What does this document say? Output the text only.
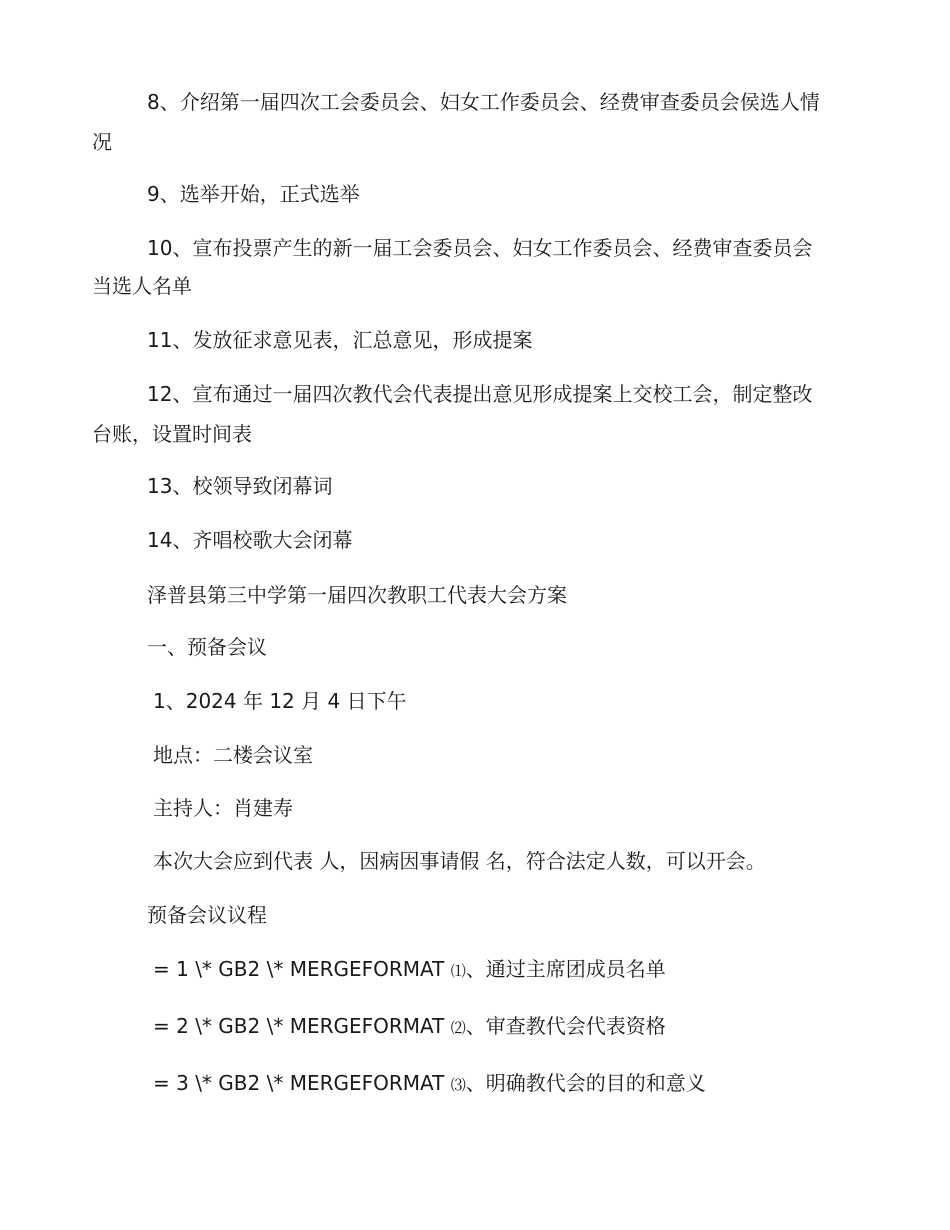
8、介绍第一届四次工会委员会、妇女工作委员会、经费审查委员会侯选人情
况
9、选举开始，正式选举
10、宣布投票产生的新一届工会委员会、妇女工作委员会、经费审查委员会
当选人名单
11、发放征求意见表，汇总意见，形成提案
12、宣布通过一届四次教代会代表提出意见形成提案上交校工会，制定整改
台账，设置时间表
13、校领导致闭幕词
14、齐唱校歌大会闭幕
泽普县第三中学第一届四次教职工代表大会方案
一、预备会议
1、2024 年 12 月 4 日下午
地点：二楼会议室
主持人：肖建寿
本次大会应到代表 人，因病因事请假 名，符合法定人数，可以开会。
预备会议议程
= 1 \* GB2 \* MERGEFORMAT ⑴、通过主席团成员名单
= 2 \* GB2 \* MERGEFORMAT ⑵、审查教代会代表资格
= 3 \* GB2 \* MERGEFORMAT ⑶、明确教代会的目的和意义
